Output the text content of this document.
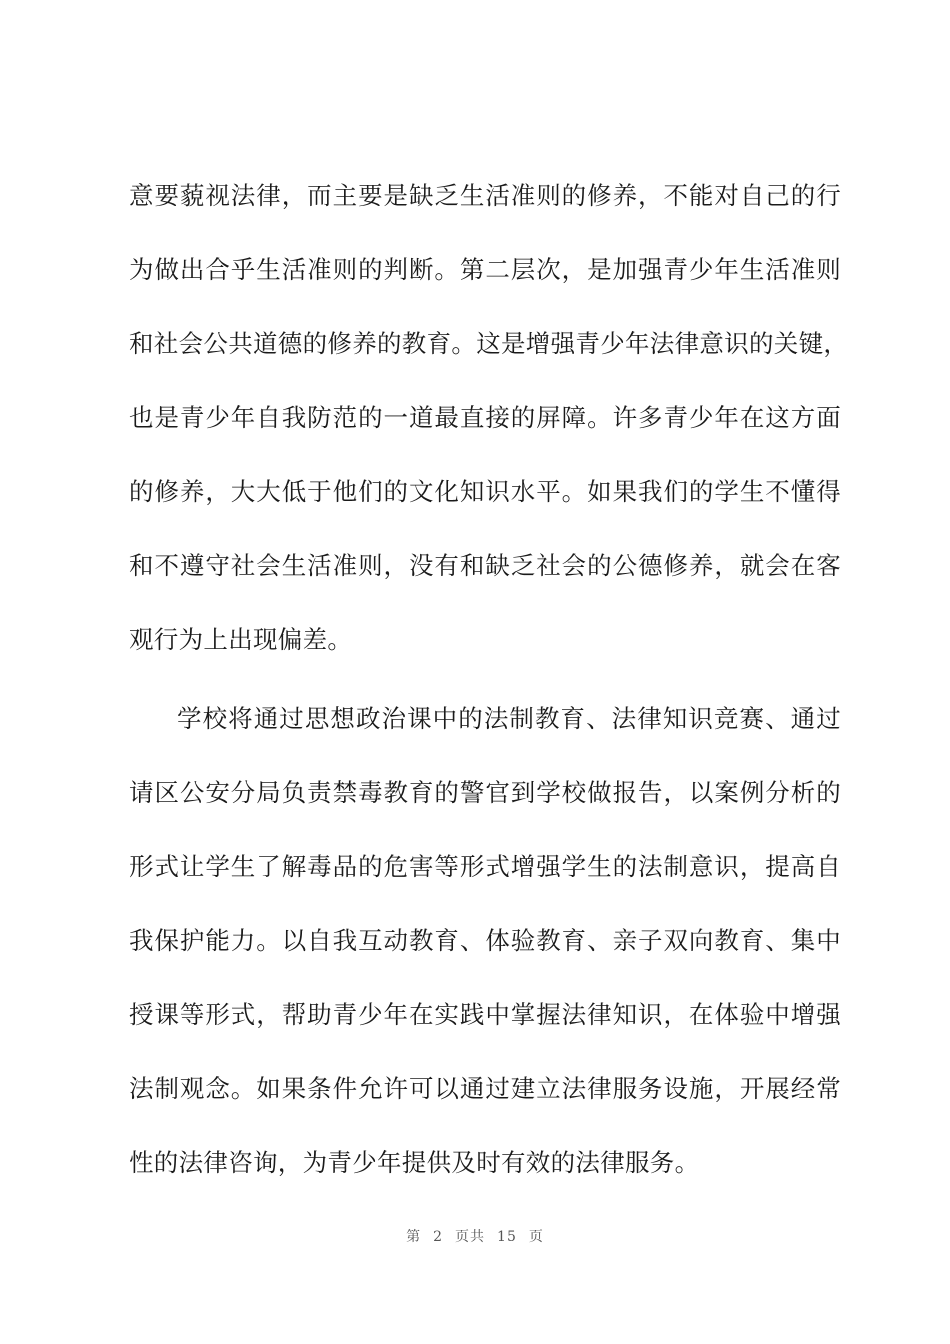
意要藐视法律，而主要是缺乏生活准则的修养，不能对自己的行
为做出合乎生活准则的判断。第二层次，是加强青少年生活准则
和社会公共道德的修养的教育。这是增强青少年法律意识的关键，
也是青少年自我防范的一道最直接的屏障。许多青少年在这方面
的修养，大大低于他们的文化知识水平。如果我们的学生不懂得
和不遵守社会生活准则，没有和缺乏社会的公德修养，就会在客
观行为上出现偏差。
学校将通过思想政治课中的法制教育、法律知识竞赛、通过
请区公安分局负责禁毒教育的警官到学校做报告，以案例分析的
形式让学生了解毒品的危害等形式增强学生的法制意识，提高自
我保护能力。以自我互动教育、体验教育、亲子双向教育、集中
授课等形式，帮助青少年在实践中掌握法律知识，在体验中增强
法制观念。如果条件允许可以通过建立法律服务设施，开展经常
性的法律咨询，为青少年提供及时有效的法律服务。
第 2 页共 15 页
